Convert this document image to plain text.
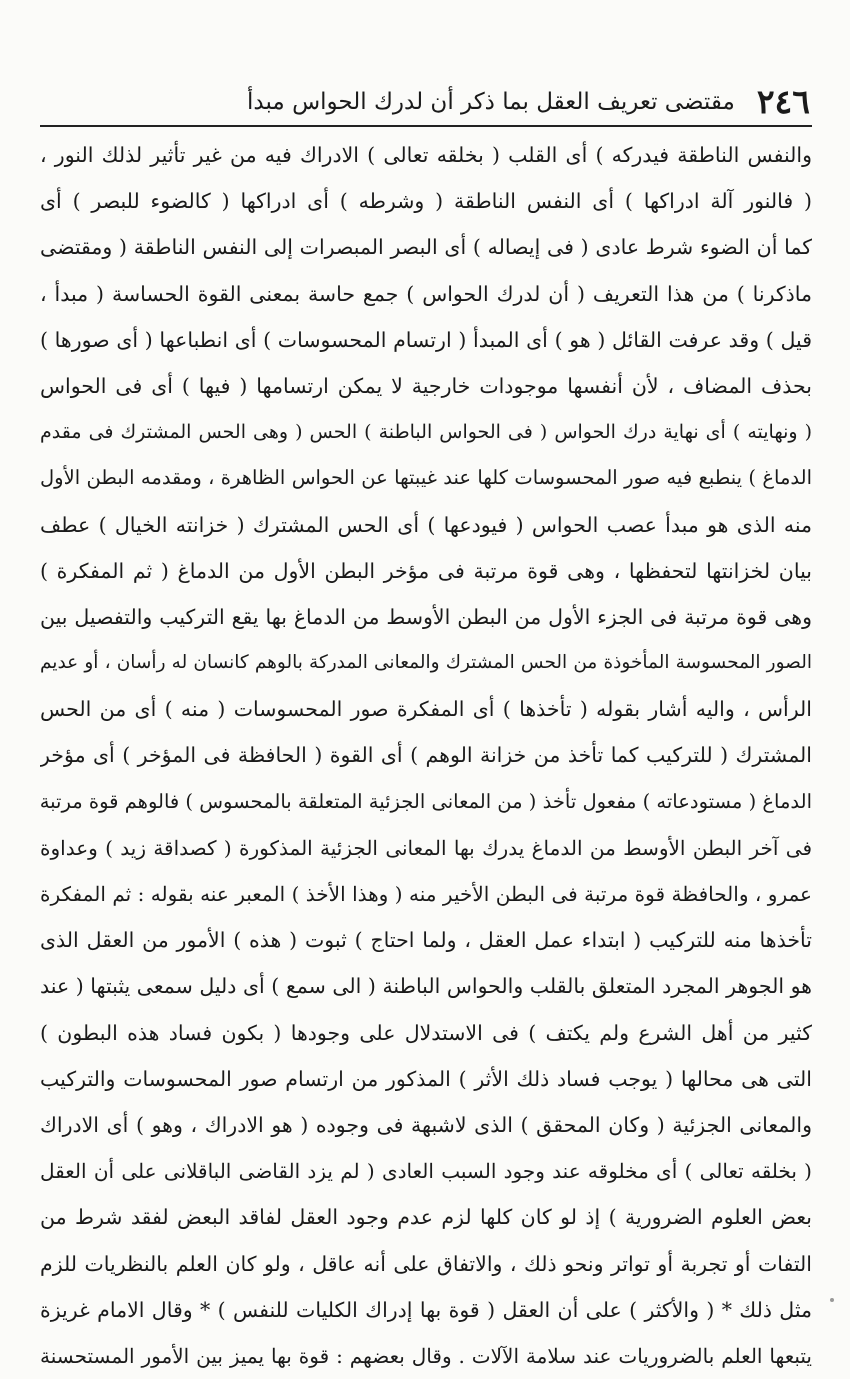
٢٤٦
مقتضى تعريف العقل بما ذكر أن لدرك الحواس مبدأ
والنفس الناطقة فيدركه ) أى القلب ( بخلقه تعالى ) الادراك فيه من غير تأثير لذلك النور ،
( فالنور آلة ادراكها ) أى النفس الناطقة ( وشرطه ) أى ادراكها ( كالضوء للبصر ) أى
كما أن الضوء شرط عادى ( فى إيصاله ) أى البصر المبصرات إلى النفس الناطقة ( ومقتضى
ماذكرنا ) من هذا التعريف ( أن لدرك الحواس ) جمع حاسة بمعنى القوة الحساسة ( مبدأ ،
قيل ) وقد عرفت القائل ( هو ) أى المبدأ ( ارتسام المحسوسات ) أى انطباعها ( أى صورها )
بحذف المضاف ، لأن أنفسها موجودات خارجية لا يمكن ارتسامها ( فيها ) أى فى الحواس
( ونهايته ) أى نهاية درك الحواس ( فى الحواس الباطنة ) الحس ( وهى الحس المشترك فى مقدم
الدماغ ) ينطبع فيه صور المحسوسات كلها عند غيبتها عن الحواس الظاهرة ، ومقدمه البطن الأول
منه الذى هو مبدأ عصب الحواس ( فيودعها ) أى الحس المشترك ( خزانته الخيال ) عطف
بيان لخزانتها لتحفظها ، وهى قوة مرتبة فى مؤخر البطن الأول من الدماغ ( ثم المفكرة )
وهى قوة مرتبة فى الجزء الأول من البطن الأوسط من الدماغ بها يقع التركيب والتفصيل بين
الصور المحسوسة المأخوذة من الحس المشترك والمعانى المدركة بالوهم كانسان له رأسان ، أو عديم
الرأس ، واليه أشار بقوله ( تأخذها ) أى المفكرة صور المحسوسات ( منه ) أى من الحس
المشترك ( للتركيب كما تأخذ من خزانة الوهم ) أى القوة ( الحافظة فى المؤخر ) أى مؤخر
الدماغ ( مستودعاته ) مفعول تأخذ ( من المعانى الجزئية المتعلقة بالمحسوس ) فالوهم قوة مرتبة
فى آخر البطن الأوسط من الدماغ يدرك بها المعانى الجزئية المذكورة ( كصداقة زيد ) وعداوة
عمرو ، والحافظة قوة مرتبة فى البطن الأخير منه ( وهذا الأخذ ) المعبر عنه بقوله : ثم المفكرة
تأخذها منه للتركيب ( ابتداء عمل العقل ، ولما احتاج ) ثبوت ( هذه ) الأمور من العقل الذى
هو الجوهر المجرد المتعلق بالقلب والحواس الباطنة ( الى سمع ) أى دليل سمعى يثبتها ( عند
كثير من أهل الشرع ولم يكتف ) فى الاستدلال على وجودها ( بكون فساد هذه البطون )
التى هى محالها ( يوجب فساد ذلك الأثر ) المذكور من ارتسام صور المحسوسات والتركيب
والمعانى الجزئية ( وكان المحقق ) الذى لاشبهة فى وجوده ( هو الادراك ، وهو ) أى الادراك
( بخلقه تعالى ) أى مخلوقه عند وجود السبب العادى ( لم يزد القاضى الباقلانى على أن العقل
بعض العلوم الضرورية ) إذ لو كان كلها لزم عدم وجود العقل لفاقد البعض لفقد شرط من
التفات أو تجربة أو تواتر ونحو ذلك ، والاتفاق على أنه عاقل ، ولو كان العلم بالنظريات للزم
مثل ذلك * ( والأكثر ) على أن العقل ( قوة بها إدراك الكليات للنفس ) * وقال الامام غريزة
يتبعها العلم بالضروريات عند سلامة الآلات . وقال بعضهم : قوة بها يميز بين الأمور المستحسنة
